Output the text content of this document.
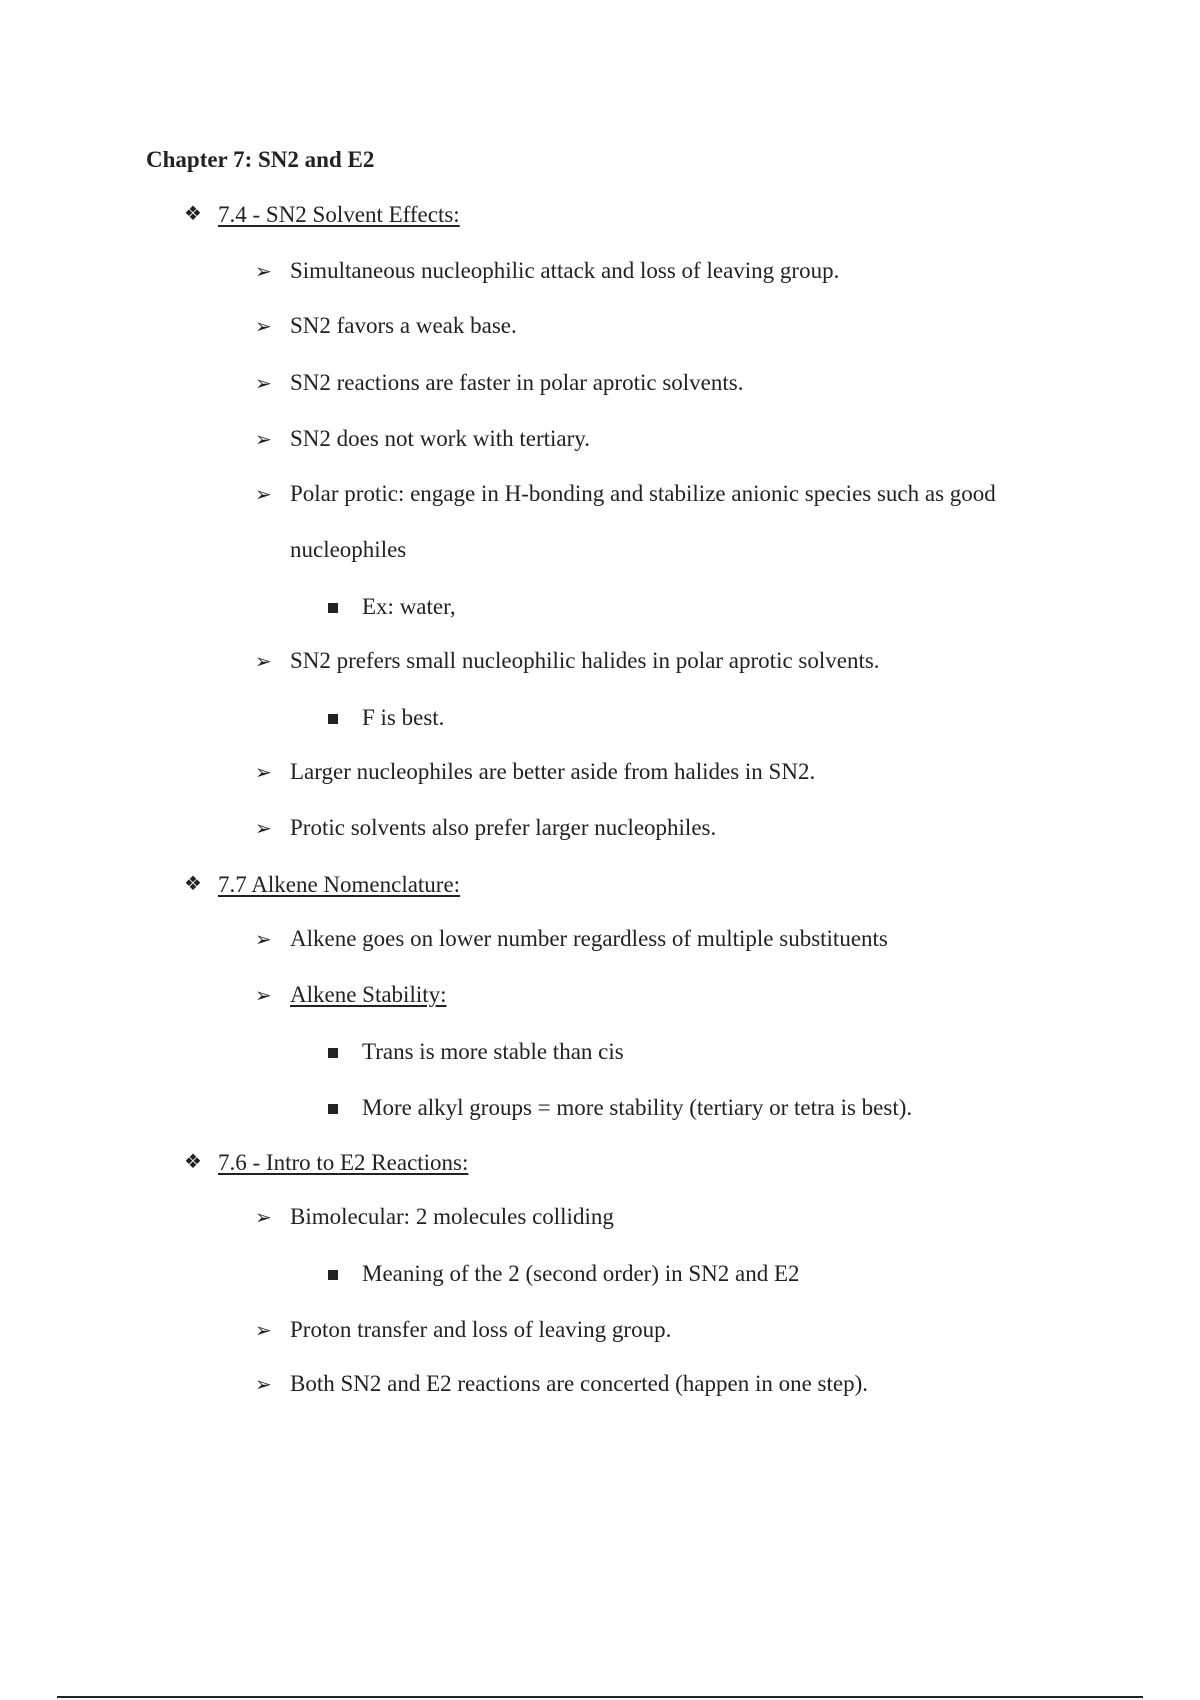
Chapter 7: SN2 and E2
❖ 7.4 - SN2 Solvent Effects:
➢ Simultaneous nucleophilic attack and loss of leaving group.
➢ SN2 favors a weak base.
➢ SN2 reactions are faster in polar aprotic solvents.
➢ SN2 does not work with tertiary.
➢ Polar protic: engage in H-bonding and stabilize anionic species such as good
nucleophiles
Ex: water,
➢ SN2 prefers small nucleophilic halides in polar aprotic solvents.
F is best.
➢ Larger nucleophiles are better aside from halides in SN2.
➢ Protic solvents also prefer larger nucleophiles.
❖ 7.7 Alkene Nomenclature:
➢ Alkene goes on lower number regardless of multiple substituents
➢ Alkene Stability:
Trans is more stable than cis
More alkyl groups = more stability (tertiary or tetra is best).
❖ 7.6 - Intro to E2 Reactions:
➢ Bimolecular: 2 molecules colliding
Meaning of the 2 (second order) in SN2 and E2
➢ Proton transfer and loss of leaving group.
➢ Both SN2 and E2 reactions are concerted (happen in one step).
